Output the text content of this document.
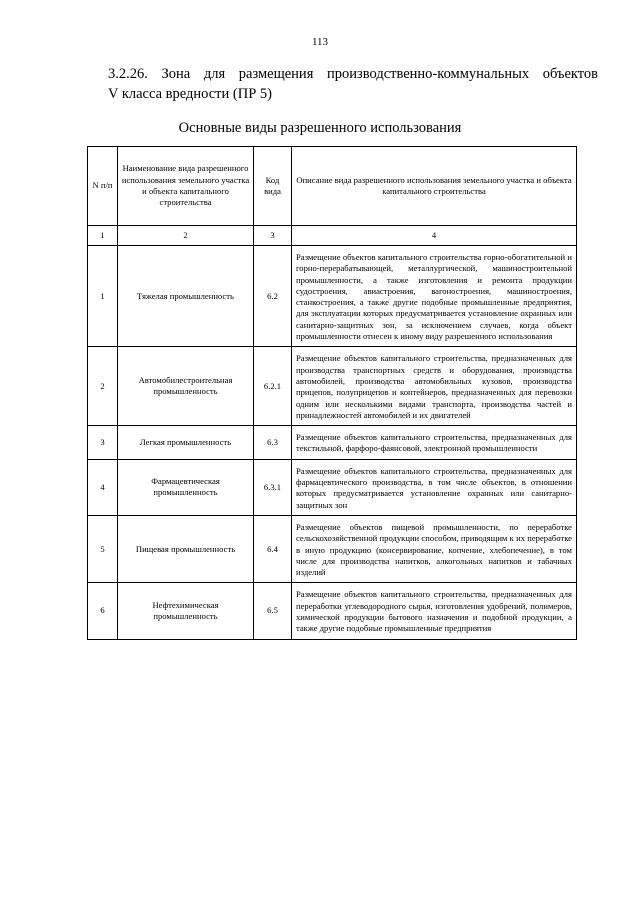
113
3.2.26. Зона для размещения производственно-коммунальных объектов
V класса вредности (ПР 5)
Основные виды разрешенного использования
N п/п	Наименование вида разрешенного использования земельного участка и объекта капитального строительства	Код вида	Описание вида разрешенного использования земельного участка и объекта капитального строительства
1	2	3	4
1	Тяжелая промышленность	6.2	Размещение объектов капитального строительства горно-обогатительной и горно-перерабатывающей, металлургической, машиностроительной промышленности, а также изготовления и ремонта продукции судостроения, авиастроения, вагоностроения, машиностроения, станкостроения, а также другие подобные промышленные предприятия, для эксплуатации которых предусматривается установление охранных или санитарно-защитных зон, за исключением случаев, когда объект промышленности отнесен к иному виду разрешенного использования
2	Автомобилестроительная промышленность	6.2.1	Размещение объектов капитального строительства, предназначенных для производства транспортных средств и оборудования, производства автомобилей, производства автомобильных кузовов, производства прицепов, полуприцепов и контейнеров, предназначенных для перевозки одним или несколькими видами транспорта, производства частей и принадлежностей автомобилей и их двигателей
3	Легкая промышленность	6.3	Размещение объектов капитального строительства, предназначенных для текстильной, фарфоро-фаянсовой, электронной промышленности
4	Фармацевтическая промышленность	6.3.1	Размещение объектов капитального строительства, предназначенных для фармацевтического производства, в том числе объектов, в отношении которых предусматривается установление охранных или санитарно-защитных зон
5	Пищевая промышленность	6.4	Размещение объектов пищевой промышленности, по переработке сельскохозяйственной продукции способом, приводящим к их переработке в иную продукцию (консервирование, копчение, хлебопечение), в том числе для производства напитков, алкогольных напитков и табачных изделий
6	Нефтехимическая промышленность	6.5	Размещение объектов капитального строительства, предназначенных для переработки углеводородного сырья, изготовления удобрений, полимеров, химической продукции бытового назначения и подобной продукции, а также другие подобные промышленные предприятия
